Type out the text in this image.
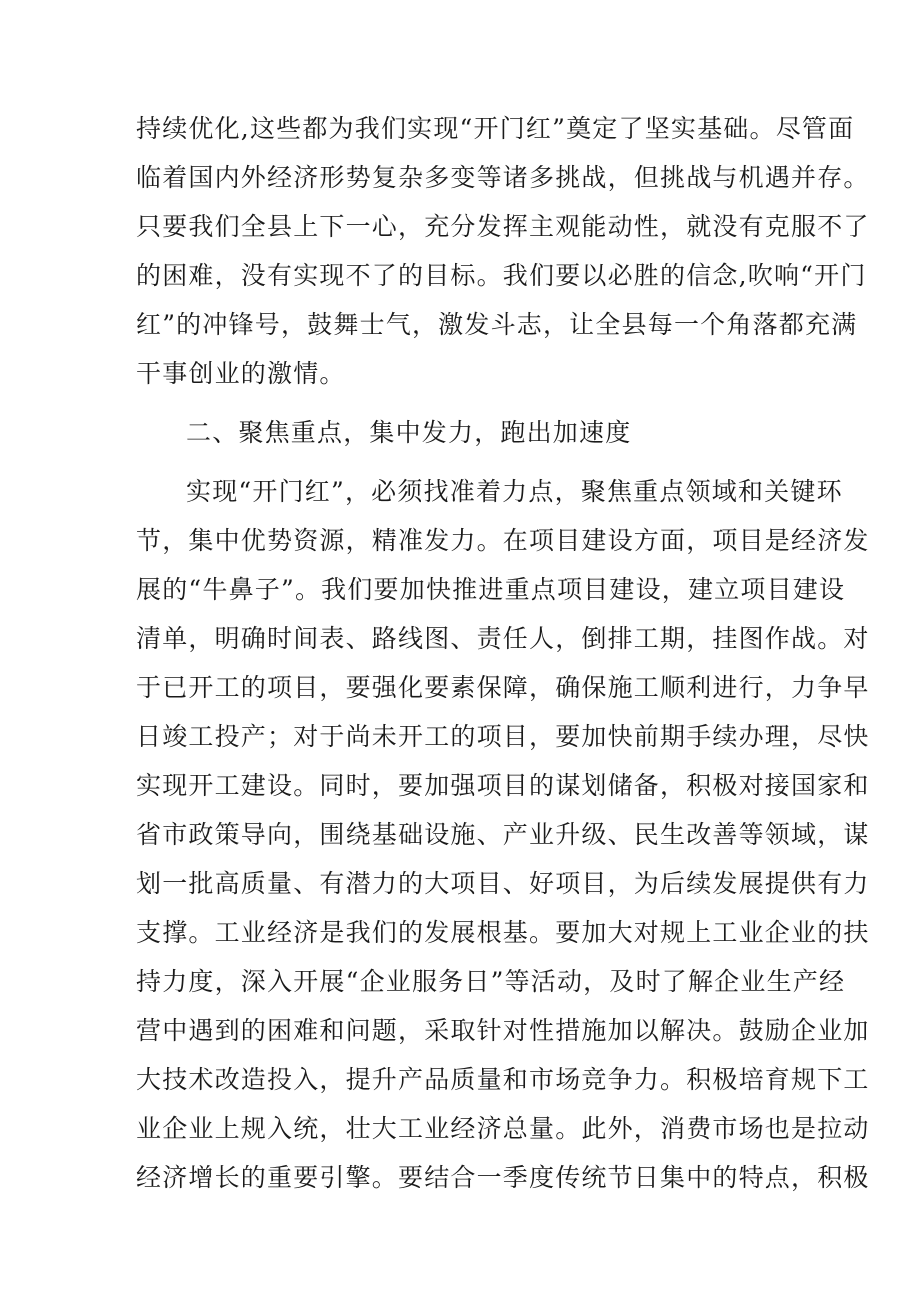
持续优化,这些都为我们实现“开门红”奠定了坚实基础。尽管面
临着国内外经济形势复杂多变等诸多挑战，但挑战与机遇并存。
只要我们全县上下一心，充分发挥主观能动性，就没有克服不了
的困难，没有实现不了的目标。我们要以必胜的信念,吹响“开门
红”的冲锋号，鼓舞士气，激发斗志，让全县每一个角落都充满
干事创业的激情。
二、聚焦重点，集中发力，跑出加速度
实现“开门红”，必须找准着力点，聚焦重点领域和关键环
节，集中优势资源，精准发力。在项目建设方面，项目是经济发
展的“牛鼻子”。我们要加快推进重点项目建设，建立项目建设
清单，明确时间表、路线图、责任人，倒排工期，挂图作战。对
于已开工的项目，要强化要素保障，确保施工顺利进行，力争早
日竣工投产；对于尚未开工的项目，要加快前期手续办理，尽快
实现开工建设。同时，要加强项目的谋划储备，积极对接国家和
省市政策导向，围绕基础设施、产业升级、民生改善等领域，谋
划一批高质量、有潜力的大项目、好项目，为后续发展提供有力
支撑。工业经济是我们的发展根基。要加大对规上工业企业的扶
持力度，深入开展“企业服务日”等活动，及时了解企业生产经
营中遇到的困难和问题，采取针对性措施加以解决。鼓励企业加
大技术改造投入，提升产品质量和市场竞争力。积极培育规下工
业企业上规入统，壮大工业经济总量。此外，消费市场也是拉动
经济增长的重要引擎。要结合一季度传统节日集中的特点，积极
